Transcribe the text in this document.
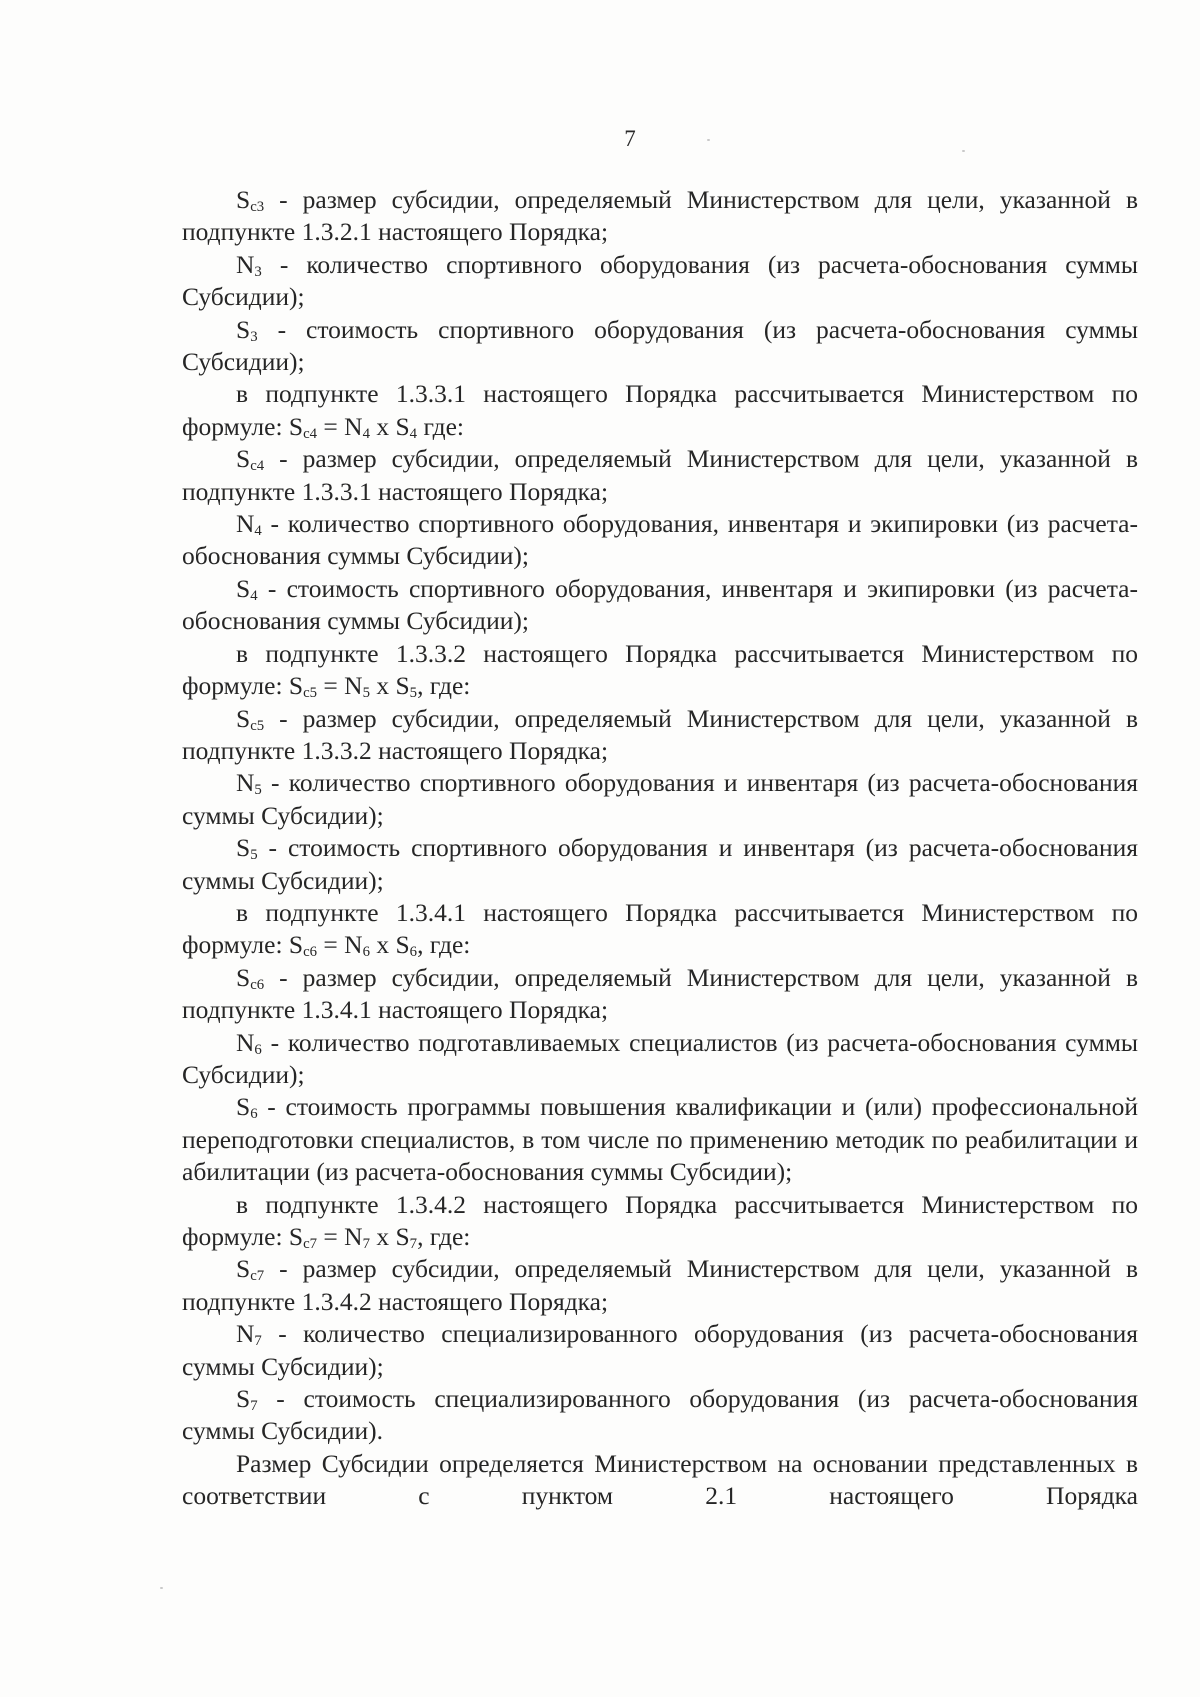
7

$S_{c3}$ - размер субсидии, определяемый Министерством для цели, указанной в подпункте 1.3.2.1 настоящего Порядка;

$N_3$ - количество спортивного оборудования (из расчета-обоснования суммы Субсидии);

$S_3$ - стоимость спортивного оборудования (из расчета-обоснования суммы Субсидии);

в подпункте 1.3.3.1 настоящего Порядка рассчитывается Министерством по формуле: $S_{c4} = N_4$ x $S_4$ где:

$S_{c4}$ - размер субсидии, определяемый Министерством для цели, указанной в подпункте 1.3.3.1 настоящего Порядка;

$N_4$ - количество спортивного оборудования, инвентаря и экипировки (из расчета-обоснования суммы Субсидии);

$S_4$ - стоимость спортивного оборудования, инвентаря и экипировки (из расчета-обоснования суммы Субсидии);

в подпункте 1.3.3.2 настоящего Порядка рассчитывается Министерством по формуле: $S_{c5} = N_5$ x $S_5$, где:

$S_{c5}$ - размер субсидии, определяемый Министерством для цели, указанной в подпункте 1.3.3.2 настоящего Порядка;

$N_5$ - количество спортивного оборудования и инвентаря (из расчета-обоснования суммы Субсидии);

$S_5$ - стоимость спортивного оборудования и инвентаря (из расчета-обоснования суммы Субсидии);

в подпункте 1.3.4.1 настоящего Порядка рассчитывается Министерством по формуле: $S_{c6} = N_6$ x $S_6$, где:

$S_{c6}$ - размер субсидии, определяемый Министерством для цели, указанной в подпункте 1.3.4.1 настоящего Порядка;

$N_6$ - количество подготавливаемых специалистов (из расчета-обоснования суммы Субсидии);

$S_6$ - стоимость программы повышения квалификации и (или) профессиональной переподготовки специалистов, в том числе по применению методик по реабилитации и абилитации (из расчета-обоснования суммы Субсидии);

в подпункте 1.3.4.2 настоящего Порядка рассчитывается Министерством по формуле: $S_{c7} = N_7$ x $S_7$, где:

$S_{c7}$ - размер субсидии, определяемый Министерством для цели, указанной в подпункте 1.3.4.2 настоящего Порядка;

$N_7$ - количество специализированного оборудования (из расчета-обоснования суммы Субсидии);

$S_7$ - стоимость специализированного оборудования (из расчета-обоснования суммы Субсидии).

Размер Субсидии определяется Министерством на основании представленных в соответствии с пунктом 2.1 настоящего Порядка
